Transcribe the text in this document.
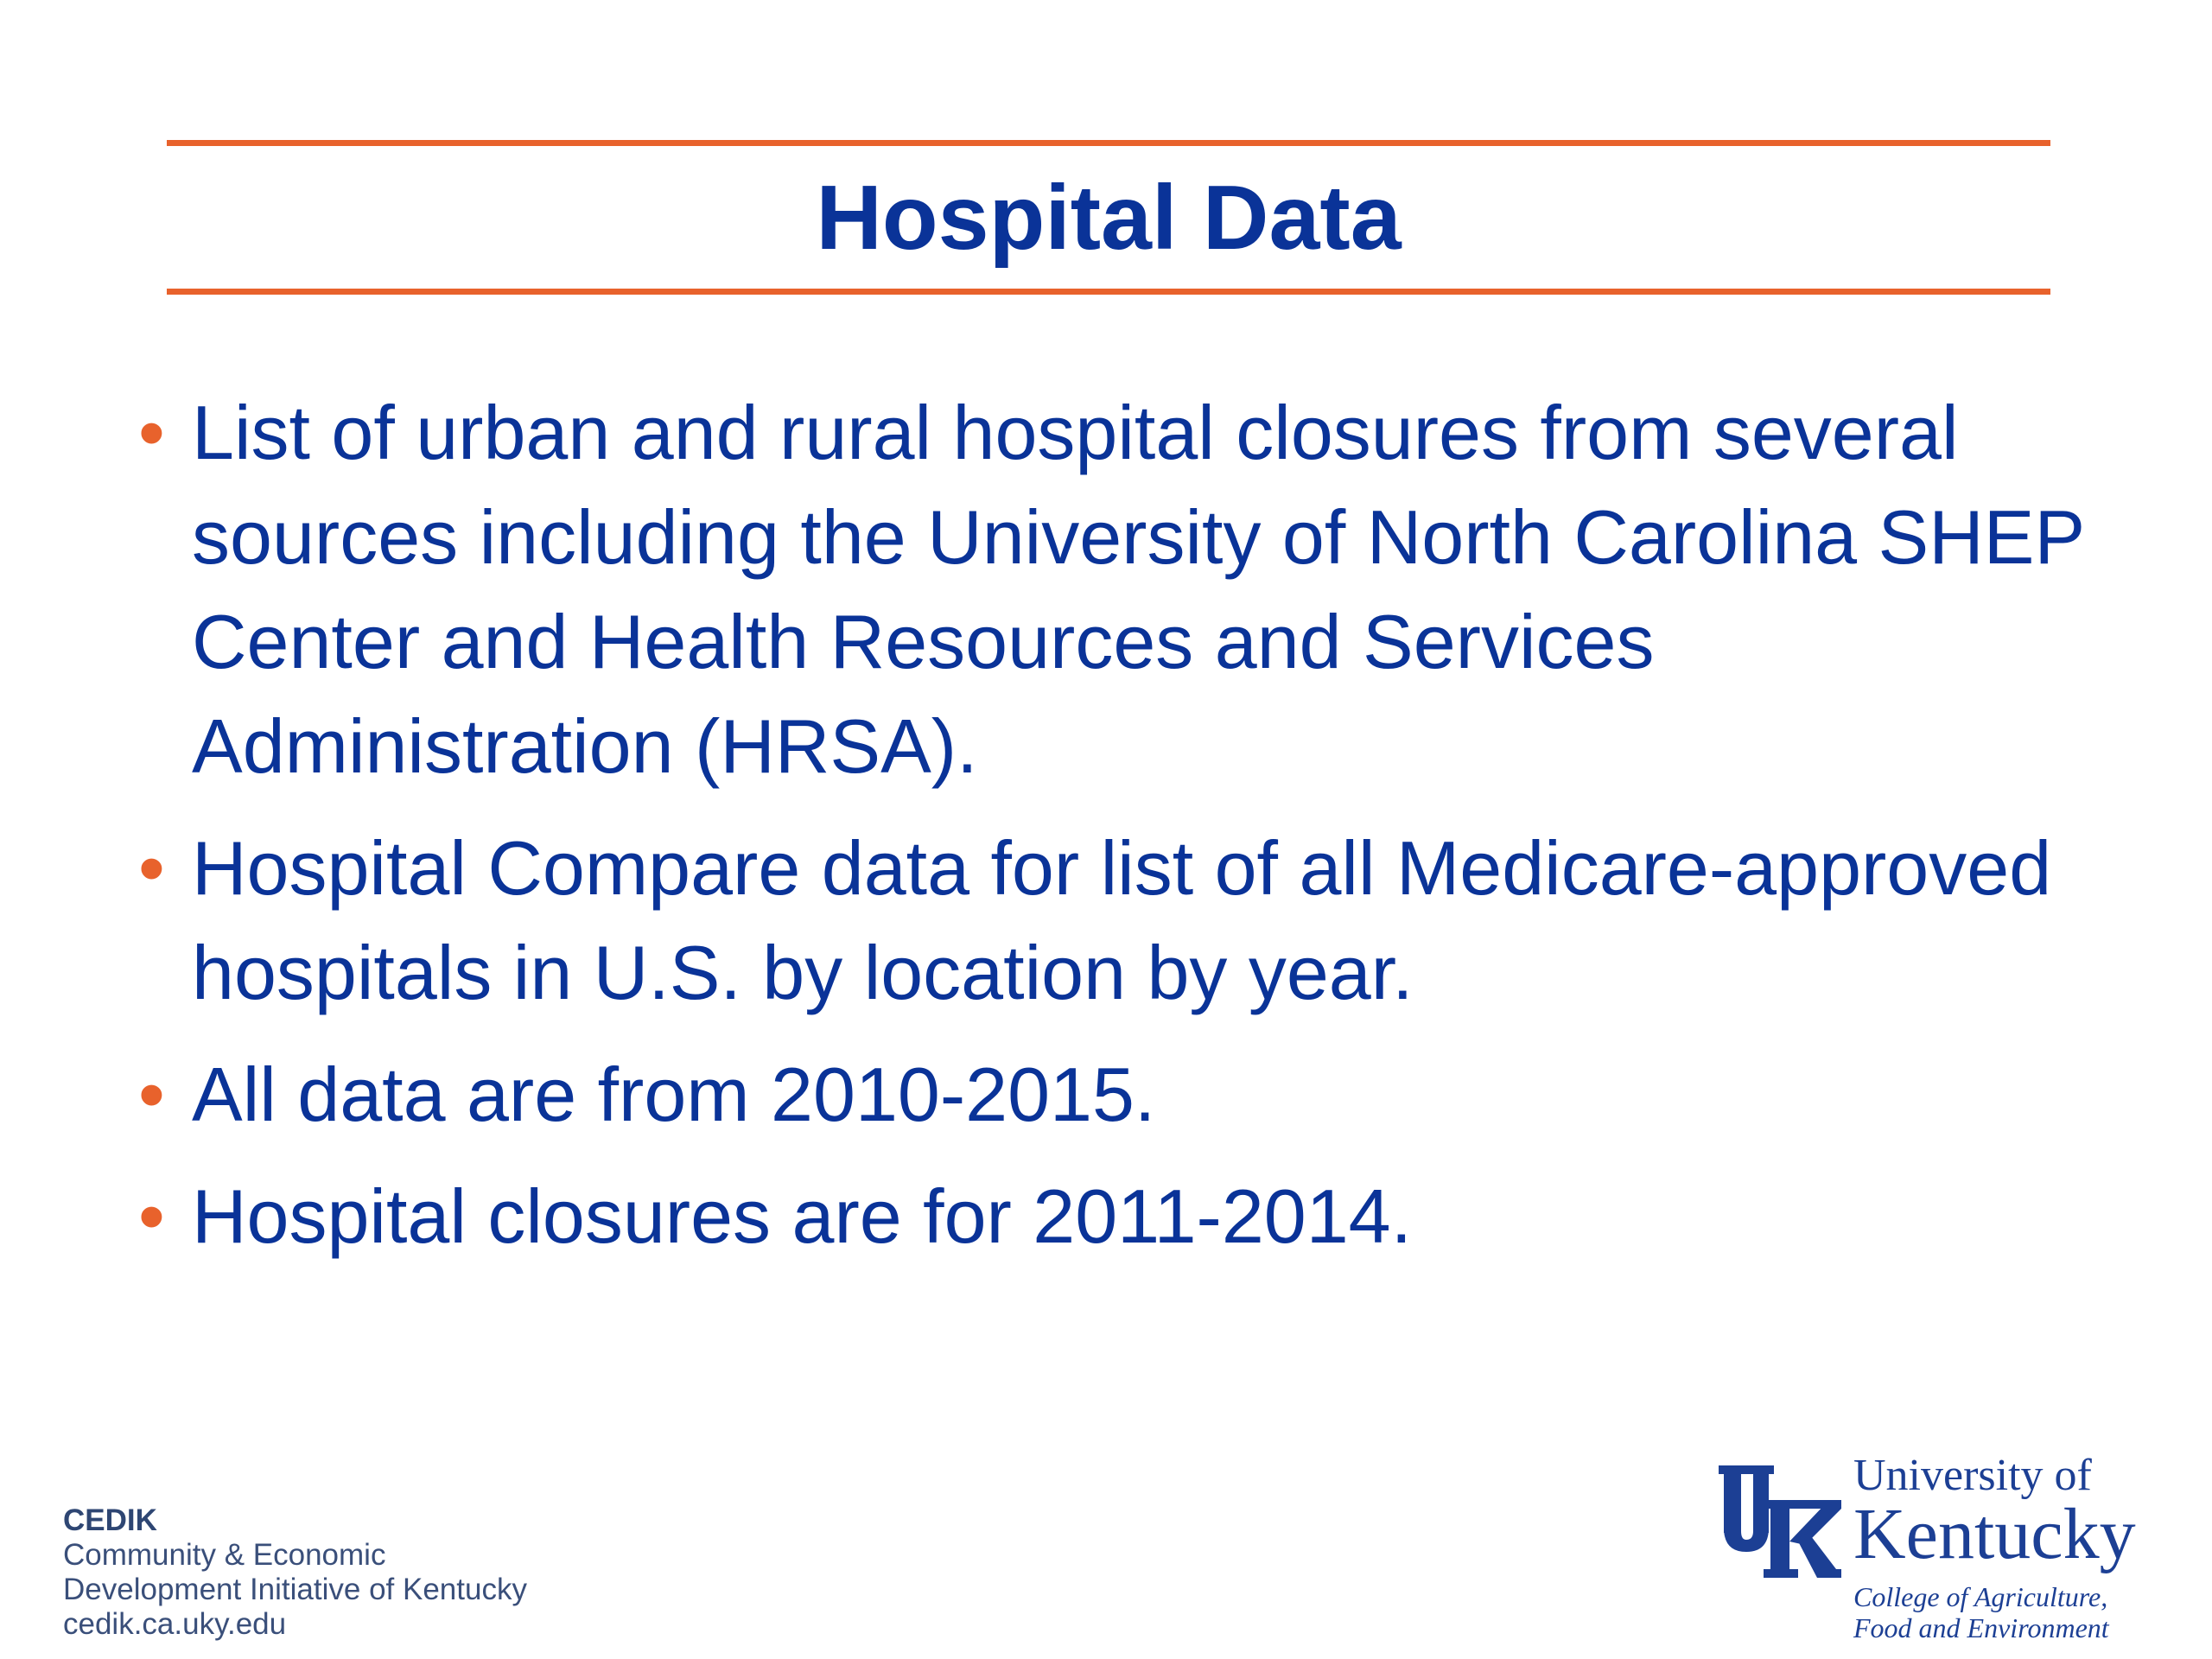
Hospital Data
• List of urban and rural hospital closures from several sources including the University of North Carolina SHEP Center and Health Resources and Services Administration (HRSA).
• Hospital Compare data for list of all Medicare-approved hospitals in U.S. by location by year.
• All data are from 2010-2015.
• Hospital closures are for 2011-2014.
CEDIK
Community & Economic
Development Initiative of Kentucky
cedik.ca.uky.edu
University of
Kentucky
College of Agriculture,
Food and Environment
